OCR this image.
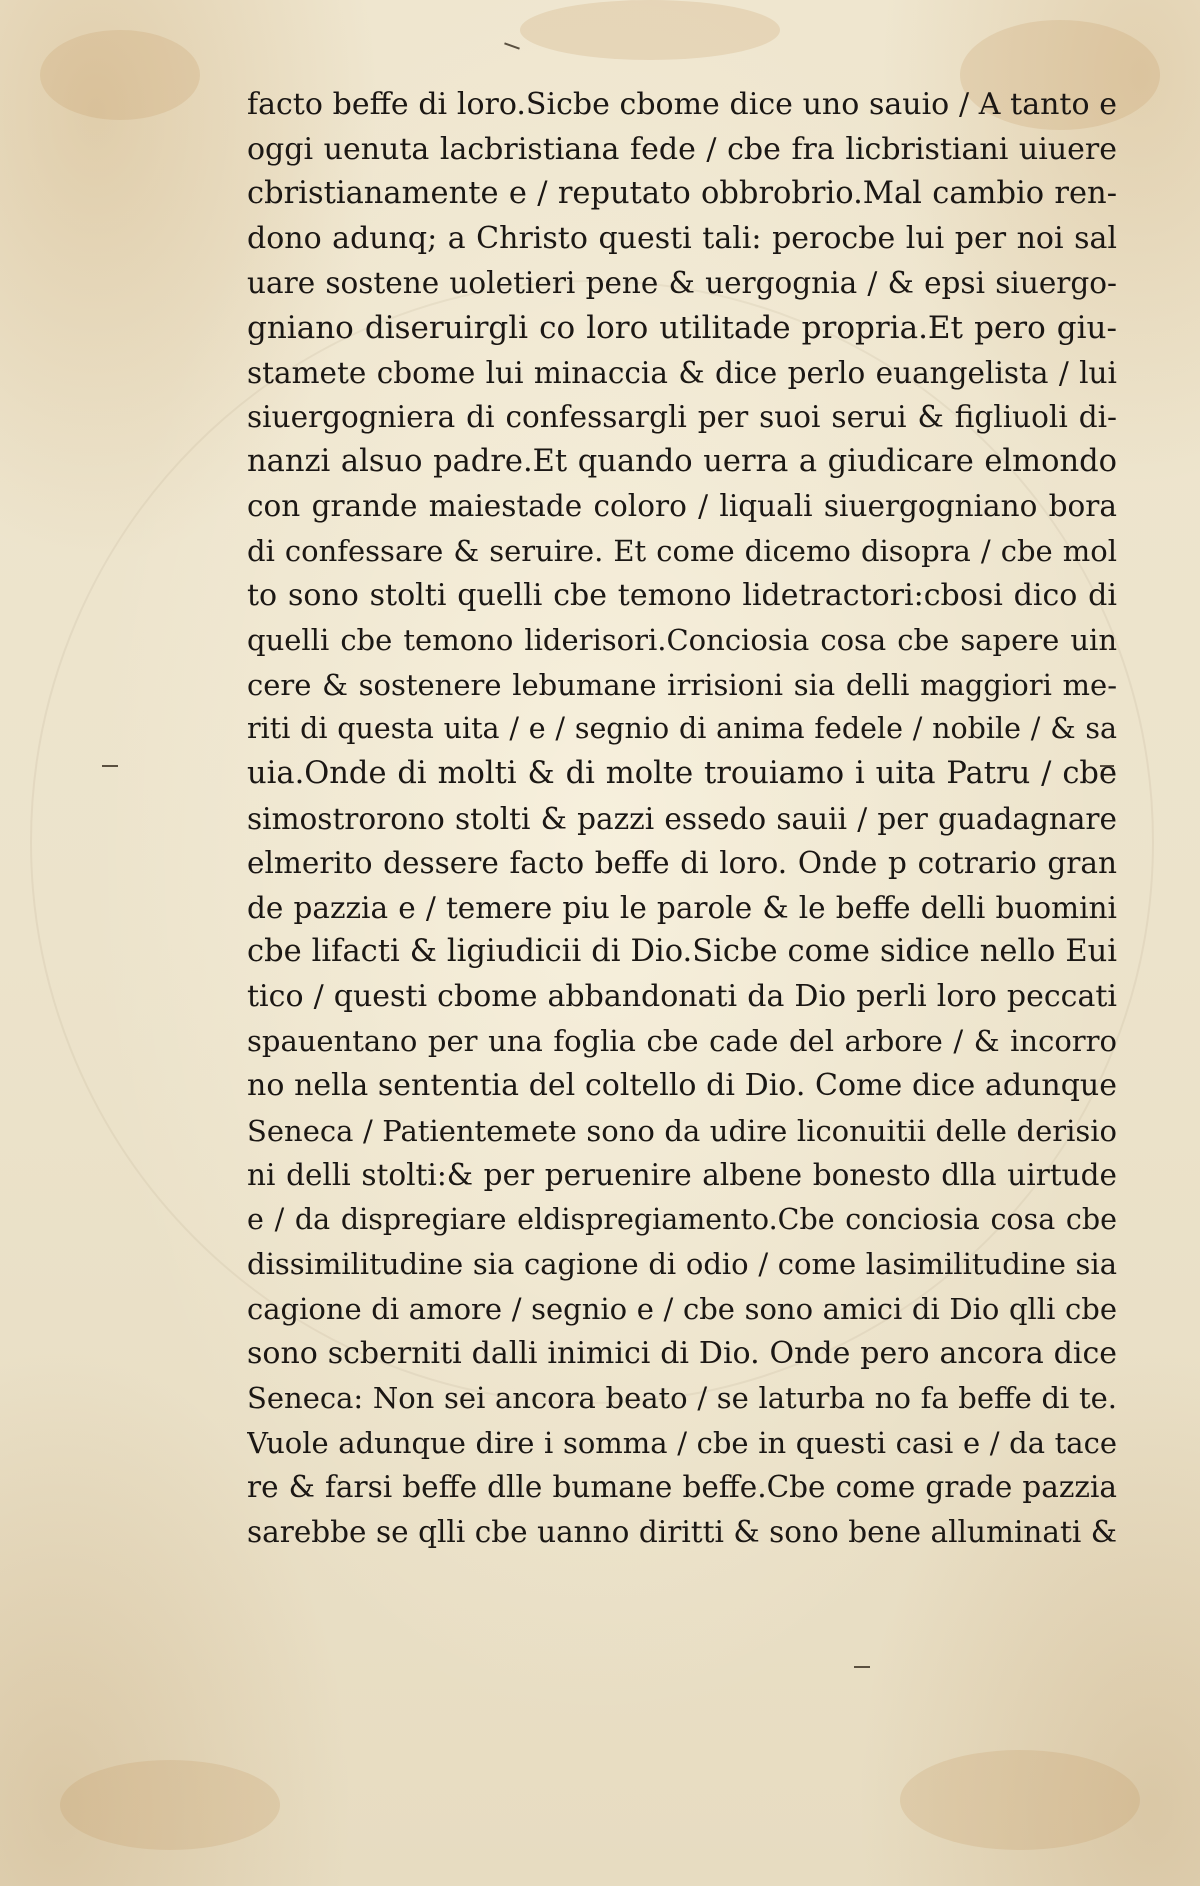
facto beffe di loro.Sicbe cbome dice uno sauio / A tanto e
oggi uenuta lacbristiana fede / cbe fra licbristiani uiuere
cbristianamente e / reputato obbrobrio.Mal cambio ren-
dono adunq; a Christo questi tali: perocbe lui per noi sal
uare sostene uoletieri pene & uergognia / & epsi siuergo-
gniano diseruirgli co loro utilitade propria.Et pero giu-
stamete cbome lui minaccia & dice perlo euangelista / lui
siuergogniera di confessargli per suoi serui & figliuoli di-
nanzi alsuo padre.Et quando uerra a giudicare elmondo
con grande maiestade coloro / liquali siuergogniano bora
di confessare & seruire. Et come dicemo disopra / cbe mol
to sono stolti quelli cbe temono lidetractori:cbosi dico di
quelli cbe temono liderisori.Conciosia cosa cbe sapere uin
cere & sostenere lebumane irrisioni sia delli maggiori me-
riti di questa uita / e / segnio di anima fedele / nobile / & sa
uia.Onde di molti & di molte trouiamo i uita Patru / cbe
simostrorono stolti & pazzi essedo sauii / per guadagnare
elmerito dessere facto beffe di loro. Onde p cotrario gran
de pazzia e / temere piu le parole & le beffe delli buomini
cbe lifacti & ligiudicii di Dio.Sicbe come sidice nello Eui
tico / questi cbome abbandonati da Dio perli loro peccati
spauentano per una foglia cbe cade del arbore / & incorro
no nella sententia del coltello di Dio. Come dice adunque
Seneca / Patientemete sono da udire liconuitii delle derisio
ni delli stolti:& per peruenire albene bonesto dlla uirtude
e / da dispregiare eldispregiamento.Cbe conciosia cosa cbe
dissimilitudine sia cagione di odio / come lasimilitudine sia
cagione di amore / segnio e / cbe sono amici di Dio qlli cbe
sono scberniti dalli inimici di Dio. Onde pero ancora dice
Seneca: Non sei ancora beato / se laturba no fa beffe di te.
Vuole adunque dire i somma / cbe in questi casi e / da tace
re & farsi beffe dlle bumane beffe.Cbe come grade pazzia
sarebbe se qlli cbe uanno diritti & sono bene alluminati &
